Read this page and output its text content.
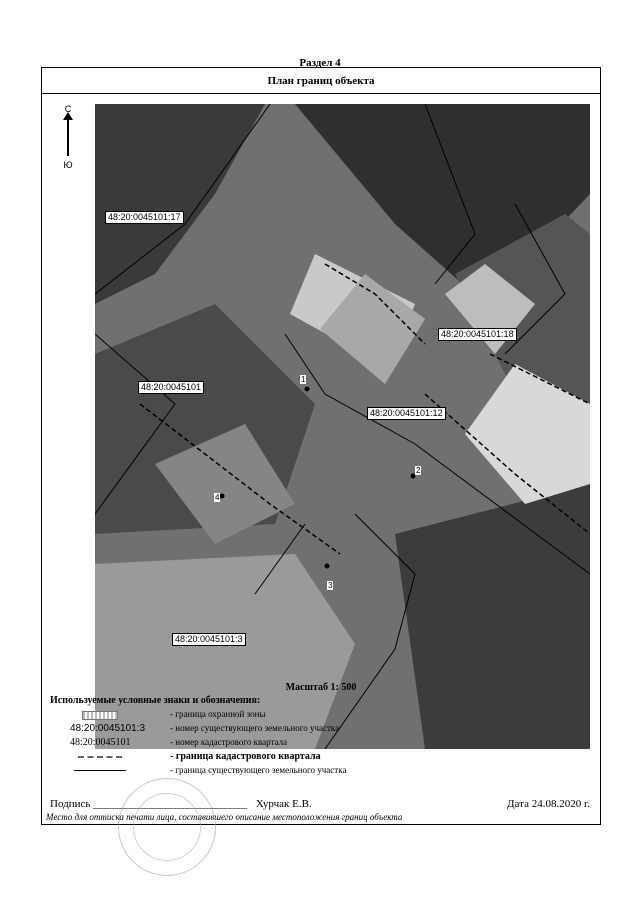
Раздел 4
План границ объекта
С
Ю
48:20:0045101:17
48:20:0045101:18
48:20:0045101:12
48:20:0045101:3
48:20:0045101
1
2
3
4
Масштаб 1: 500
Используемые условные знаки и обозначения:
- граница охранной зоны
48:20:0045101:3	- номер существующего земельного участка
48:20:0045101	- номер кадастрового квартала
- граница кадастрового квартала
- граница существующего земельного участка
Подпись ____________________________ Хурчак Е.В.	Дата 24.08.2020 г.
Место для оттиска печати лица, составившего описание местоположения границ объекта
